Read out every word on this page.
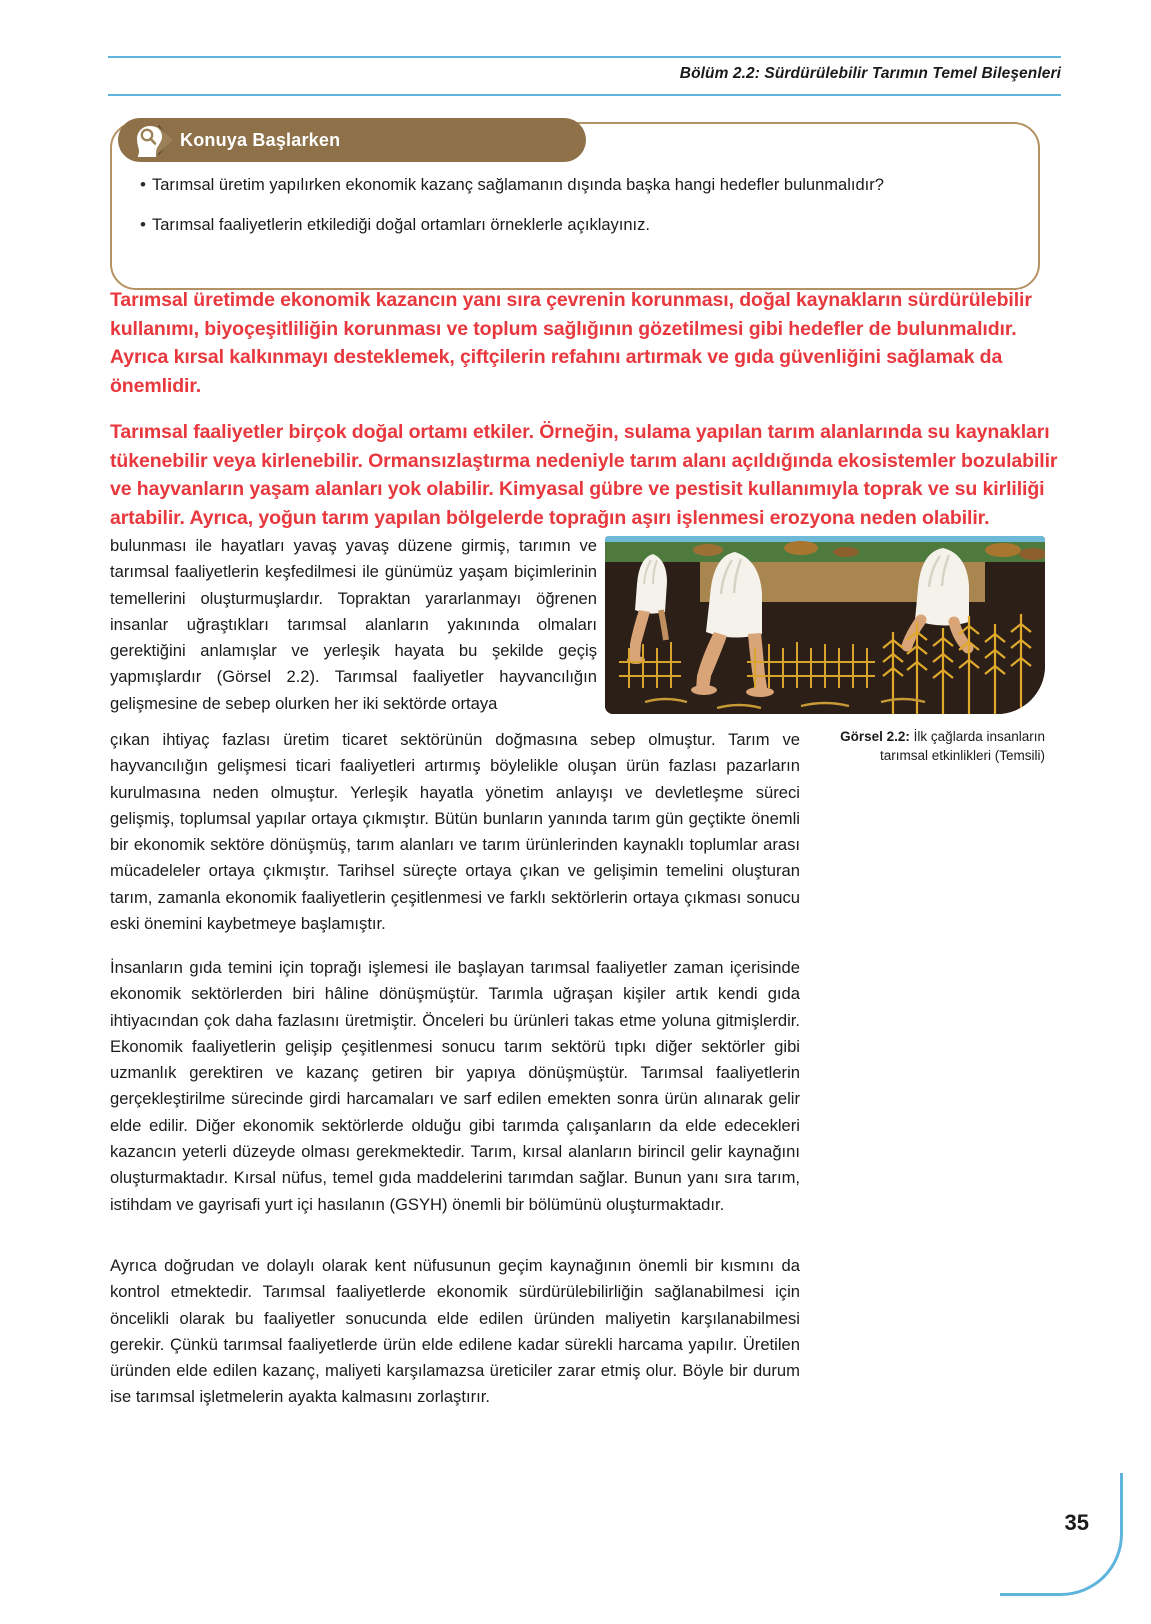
Bölüm 2.2: Sürdürülebilir Tarımın Temel Bileşenleri
Konuya Başlarken
• Tarımsal üretim yapılırken ekonomik kazanç sağlamanın dışında başka hangi hedefler bulunmalıdır?
• Tarımsal faaliyetlerin etkilediği doğal ortamları örneklerle açıklayınız.
Tarımsal üretimde ekonomik kazancın yanı sıra çevrenin korunması, doğal kaynakların sürdürülebilir kullanımı, biyoçeşitliliğin korunması ve toplum sağlığının gözetilmesi gibi hedefler de bulunmalıdır. Ayrıca kırsal kalkınmayı desteklemek, çiftçilerin refahını artırmak ve gıda güvenliğini sağlamak da önemlidir.
Tarımsal faaliyetler birçok doğal ortamı etkiler. Örneğin, sulama yapılan tarım alanlarında su kaynakları tükenebilir veya kirlenebilir. Ormansızlaştırma nedeniyle tarım alanı açıldığında ekosistemler bozulabilir ve hayvanların yaşam alanları yok olabilir. Kimyasal gübre ve pestisit kullanımıyla toprak ve su kirliliği artabilir. Ayrıca, yoğun tarım yapılan bölgelerde toprağın aşırı işlenmesi erozyona neden olabilir.
bulunması ile hayatları yavaş yavaş düzene girmiş, tarımın ve tarımsal faaliyetlerin keşfedilmesi ile günümüz yaşam biçimlerinin temellerini oluşturmuşlardır. Topraktan yararlanmayı öğrenen insanlar uğraştıkları tarımsal alanların yakınında olmaları gerektiğini anlamışlar ve yerleşik hayata bu şekilde geçiş yapmışlardır (Görsel 2.2). Tarımsal faaliyetler hayvancılığın gelişmesine de sebep olurken her iki sektörde ortaya
çıkan ihtiyaç fazlası üretim ticaret sektörünün doğmasına sebep olmuştur. Tarım ve hayvancılığın gelişmesi ticari faaliyetleri artırmış böylelikle oluşan ürün fazlası pazarların kurulmasına neden olmuştur. Yerleşik hayatla yönetim anlayışı ve devletleşme süreci gelişmiş, toplumsal yapılar ortaya çıkmıştır. Bütün bunların yanında tarım gün geçtikte önemli bir ekonomik sektöre dönüşmüş, tarım alanları ve tarım ürünlerinden kaynaklı toplumlar arası mücadeleler ortaya çıkmıştır. Tarihsel süreçte ortaya çıkan ve gelişimin temelini oluşturan tarım, zamanla ekonomik faaliyetlerin çeşitlenmesi ve farklı sektörlerin ortaya çıkması sonucu eski önemini kaybetmeye başlamıştır.
İnsanların gıda temini için toprağı işlemesi ile başlayan tarımsal faaliyetler zaman içerisinde ekonomik sektörlerden biri hâline dönüşmüştür. Tarımla uğraşan kişiler artık kendi gıda ihtiyacından çok daha fazlasını üretmiştir. Önceleri bu ürünleri takas etme yoluna gitmişlerdir. Ekonomik faaliyetlerin gelişip çeşitlenmesi sonucu tarım sektörü tıpkı diğer sektörler gibi uzmanlık gerektiren ve kazanç getiren bir yapıya dönüşmüştür. Tarımsal faaliyetlerin gerçekleştirilme sürecinde girdi harcamaları ve sarf edilen emekten sonra ürün alınarak gelir elde edilir. Diğer ekonomik sektörlerde olduğu gibi tarımda çalışanların da elde edecekleri kazancın yeterli düzeyde olması gerekmektedir. Tarım, kırsal alanların birincil gelir kaynağını oluşturmaktadır. Kırsal nüfus, temel gıda maddelerini tarımdan sağlar. Bunun yanı sıra tarım, istihdam ve gayrisafi yurt içi hasılanın (GSYH) önemli bir bölümünü oluşturmaktadır.
Ayrıca doğrudan ve dolaylı olarak kent nüfusunun geçim kaynağının önemli bir kısmını da kontrol etmektedir. Tarımsal faaliyetlerde ekonomik sürdürülebilirliğin sağlanabilmesi için öncelikli olarak bu faaliyetler sonucunda elde edilen üründen maliyetin karşılanabilmesi gerekir. Çünkü tarımsal faaliyetlerde ürün elde edilene kadar sürekli harcama yapılır. Üretilen üründen elde edilen kazanç, maliyeti karşılamazsa üreticiler zarar etmiş olur. Böyle bir durum ise tarımsal işletmelerin ayakta kalmasını zorlaştırır.
Görsel 2.2: İlk çağlarda insanların tarımsal etkinlikleri (Temsili)
35
